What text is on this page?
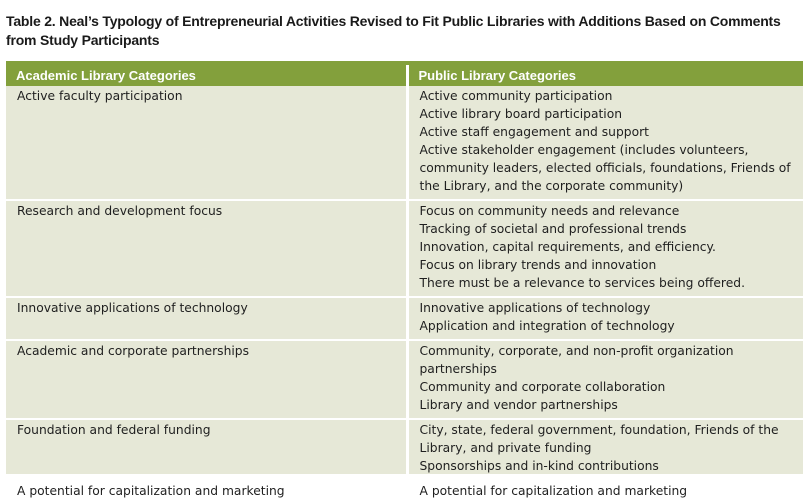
Table 2. Neal’s Typology of Entrepreneurial Activities Revised to Fit Public Libraries with Additions Based on Comments from Study Participants
Academic Library Categories	Public Library Categories
Active faculty participation	Active community participation
Active library board participation
Active staff engagement and support
Active stakeholder engagement (includes volunteers, community leaders, elected officials, foundations, Friends of the Library, and the corporate community)

Research and development focus	Focus on community needs and relevance
Tracking of societal and professional trends
Innovation, capital requirements, and efficiency.
Focus on library trends and innovation
There must be a relevance to services being offered.

Innovative applications of technology	Innovative applications of technology
Application and integration of technology

Academic and corporate partnerships	Community, corporate, and non-profit organization partnerships
Community and corporate collaboration
Library and vendor partnerships

Foundation and federal funding	City, state, federal government, foundation, Friends of the Library, and private funding
Sponsorships and in-kind contributions

A potential for capitalization and marketing	A potential for capitalization and marketing
